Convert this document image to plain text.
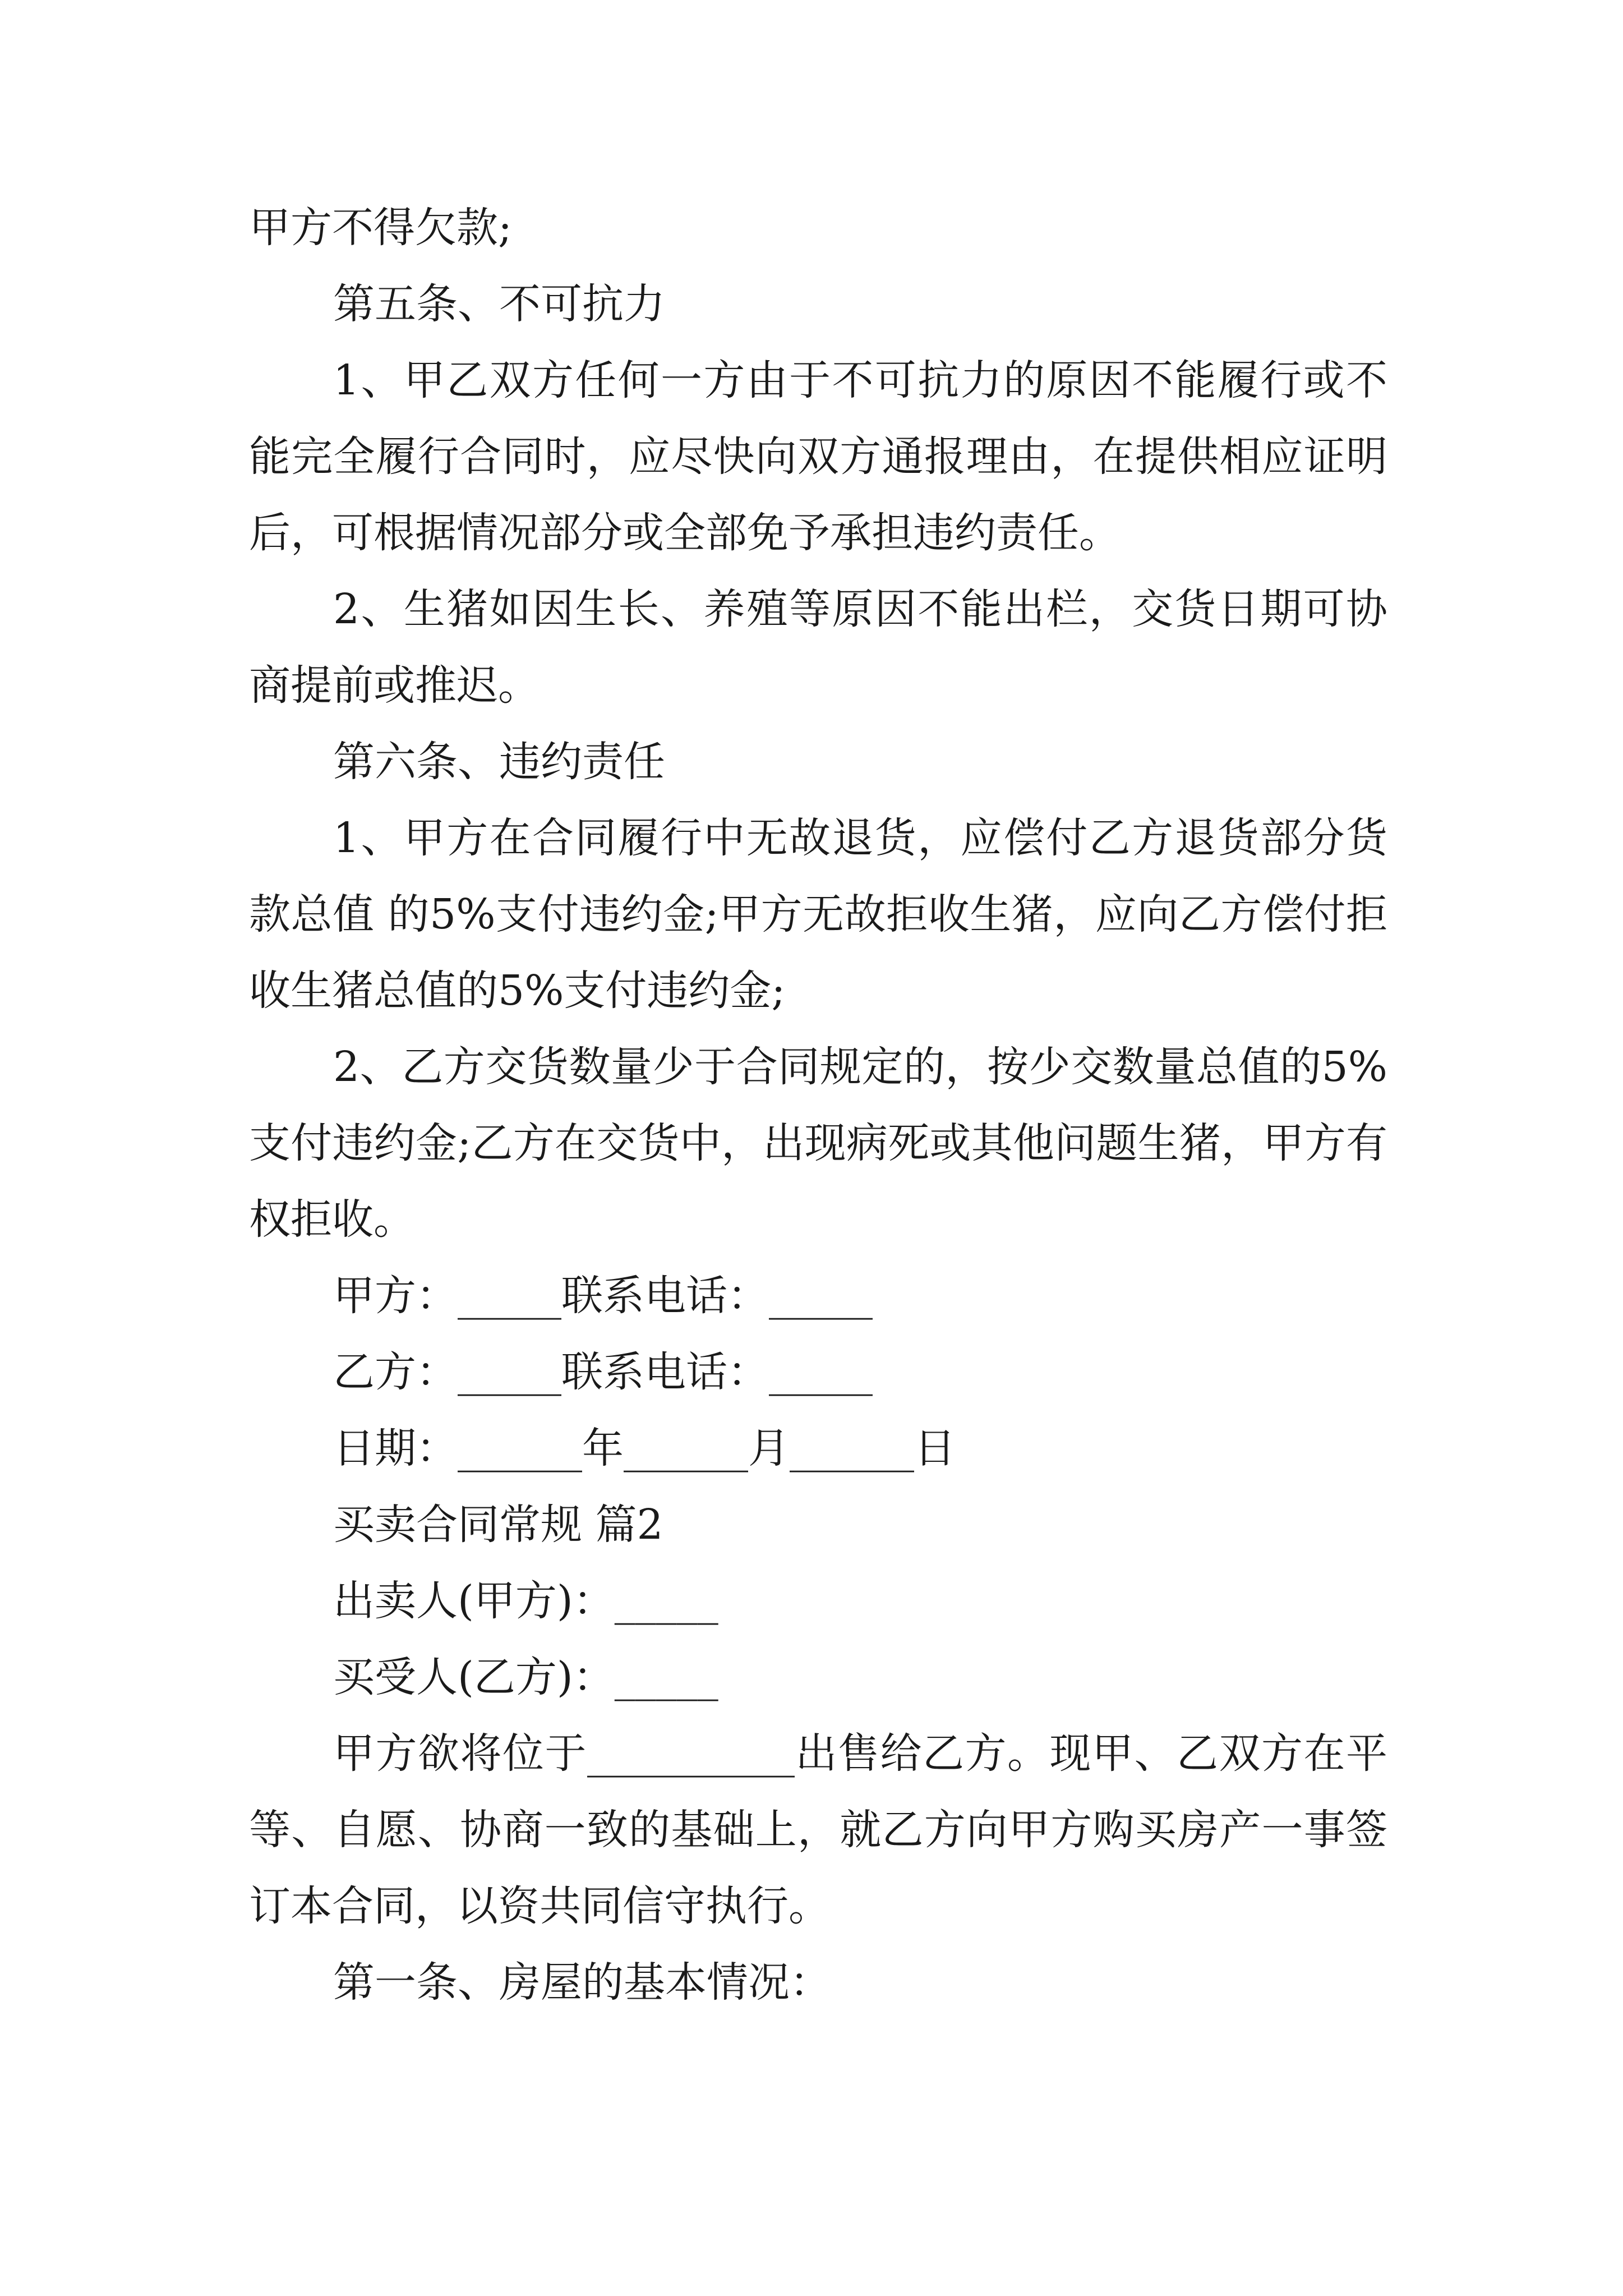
甲方不得欠款;

第五条、不可抗力

1、甲乙双方任何一方由于不可抗力的原因不能履行或不能完全履行合同时，应尽快向双方通报理由，在提供相应证明后，可根据情况部分或全部免予承担违约责任。

2、生猪如因生长、养殖等原因不能出栏，交货日期可协商提前或推迟。

第六条、违约责任

1、甲方在合同履行中无故退货，应偿付乙方退货部分货款总值 的5%支付违约金;甲方无故拒收生猪，应向乙方偿付拒收生猪总值的5%支付违约金;

2、乙方交货数量少于合同规定的，按少交数量总值的5%支付违约金;乙方在交货中，出现病死或其他问题生猪，甲方有权拒收。

甲方：_____联系电话：_____

乙方：_____联系电话：_____

日期：______年______月______日

买卖合同常规 篇2

出卖人(甲方)：_____

买受人(乙方)：_____

甲方欲将位于__________出售给乙方。现甲、乙双方在平等、自愿、协商一致的基础上，就乙方向甲方购买房产一事签订本合同，以资共同信守执行。

第一条、房屋的基本情况：
